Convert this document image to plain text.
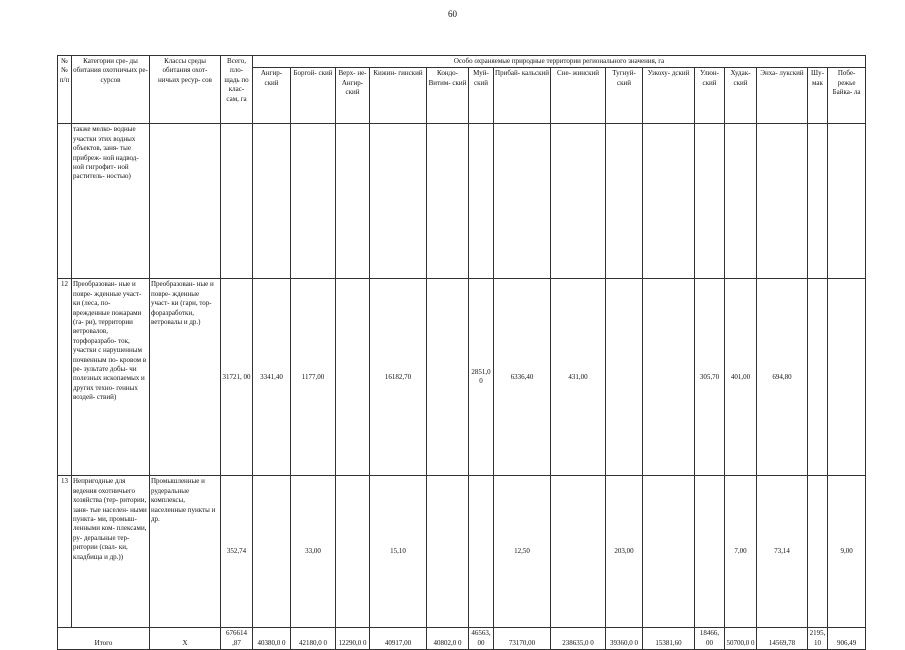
60
№ № п/п	Категории сре- ды обитания охотничьих ре- сурсов	Классы среды обитания охот- ничьих ресур- сов	Всего, пло- щадь по клас- сам, га	Особо охраняемые природные территории регионального значения, га														
				Ангир- ский	Боргой- ский	Верх- не- Ангир- ский	Кижин- гинский	Кондо- Витим- ский	Муй- ский	Прибай- кальский	Сне- жинский	Тугнуй- ский	Узкоху- дский	Улюн- ский	Худак- ский	Энха- лукский	Шу- мак	Побе- режье Байка- ла
	также мелко- водные участки этих водных объектов, заня- тые прибреж- ной надвод- ной гигрофит- ной раститель- ностью)																	
12	Преобразован- ные и повре- жденные участ- ки (леса, по- врежденные пожарами (га- ри), территории ветровалов, торфоразрабо- ток, участки с нарушенным почвенным по- кровом в ре- зультате добы- чи полезных ископаемых и других техно- генных воздей- ствий)	Преобразован- ные и повре- жденные участ- ки (гари, тор- форазработки, ветровалы и др.)	31721, 00	3341,40	1177,00		16182,70		2851,0 0	6336,40	431,00			305,70	401,00	694,80		
13	Непригодные для ведения охотничьего хозяйства (тер- ритории, заня- тые населен- ными пункта- ми, промыш- ленными ком- плексами, ру- деральные тер- ритории (свал- ки, кладбища и др.))	Промышленные и рудеральные комплексы, населенные пункты и др.	352,74		33,00		15,10			12,50		203,00			7,00	73,14		9,00
Итого		X	676614 ,87	40380,0 0	42180,0 0	12290,0 0	40917,00	40802,0 0	46563, 00	73170,00	238635,0 0	39360,0 0	15381,60	18466, 00	50700,0 0	14569,78	2195, 10	906,49
